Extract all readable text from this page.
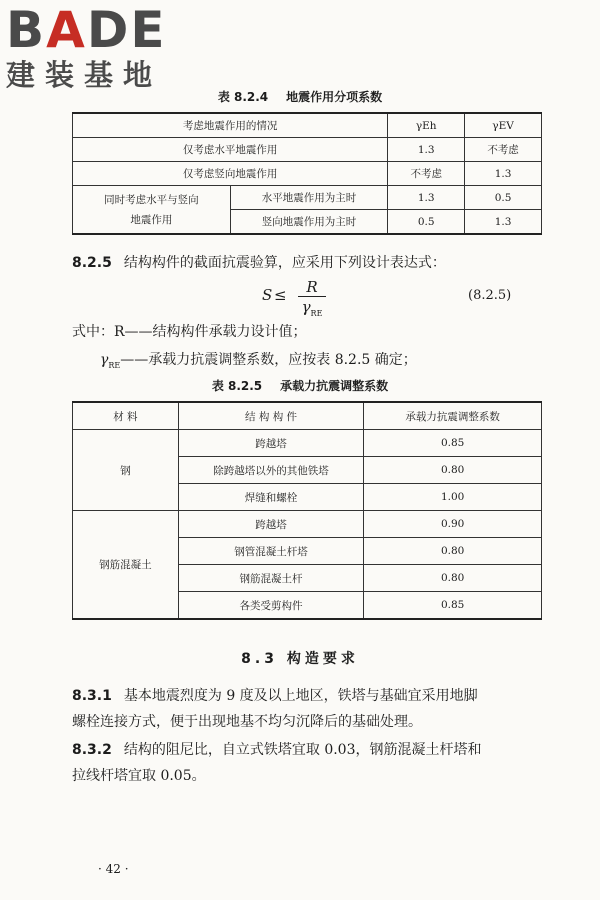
BADE
建装基地
表 8.2.4 地震作用分项系数
考虑地震作用的情况		γEh	γEV
仅考虑水平地震作用		1.3	不考虑
仅考虑竖向地震作用		不考虑	1.3
同时考虑水平与竖向地震作用	水平地震作用为主时	1.3	0.5
	竖向地震作用为主时	0.5	1.3
8.2.5 结构构件的截面抗震验算，应采用下列设计表达式：
S ≤	R
$\gamma_{RE}$
(8.2.5)
式中：R——结构构件承载力设计值；
$\gamma_{RE}——$承载力抗震调整系数，应按表 8.2.5 确定；
表 8.2.5 承载力抗震调整系数
材 料	结 构 构 件	承载力抗震调整系数
钢	跨越塔	0.85
	除跨越塔以外的其他铁塔	0.80
	焊缝和螺栓	1.00
钢筋混凝土	跨越塔	0.90
	钢管混凝土杆塔	0.80
	钢筋混凝土杆	0.80
	各类受剪构件	0.85
8.3 构造要求
8.3.1 基本地震烈度为 9 度及以上地区，铁塔与基础宜采用地脚
螺栓连接方式，便于出现地基不均匀沉降后的基础处理。
8.3.2 结构的阻尼比，自立式铁塔宜取 0.03，钢筋混凝土杆塔和
拉线杆塔宜取 0.05。
· 42 ·
